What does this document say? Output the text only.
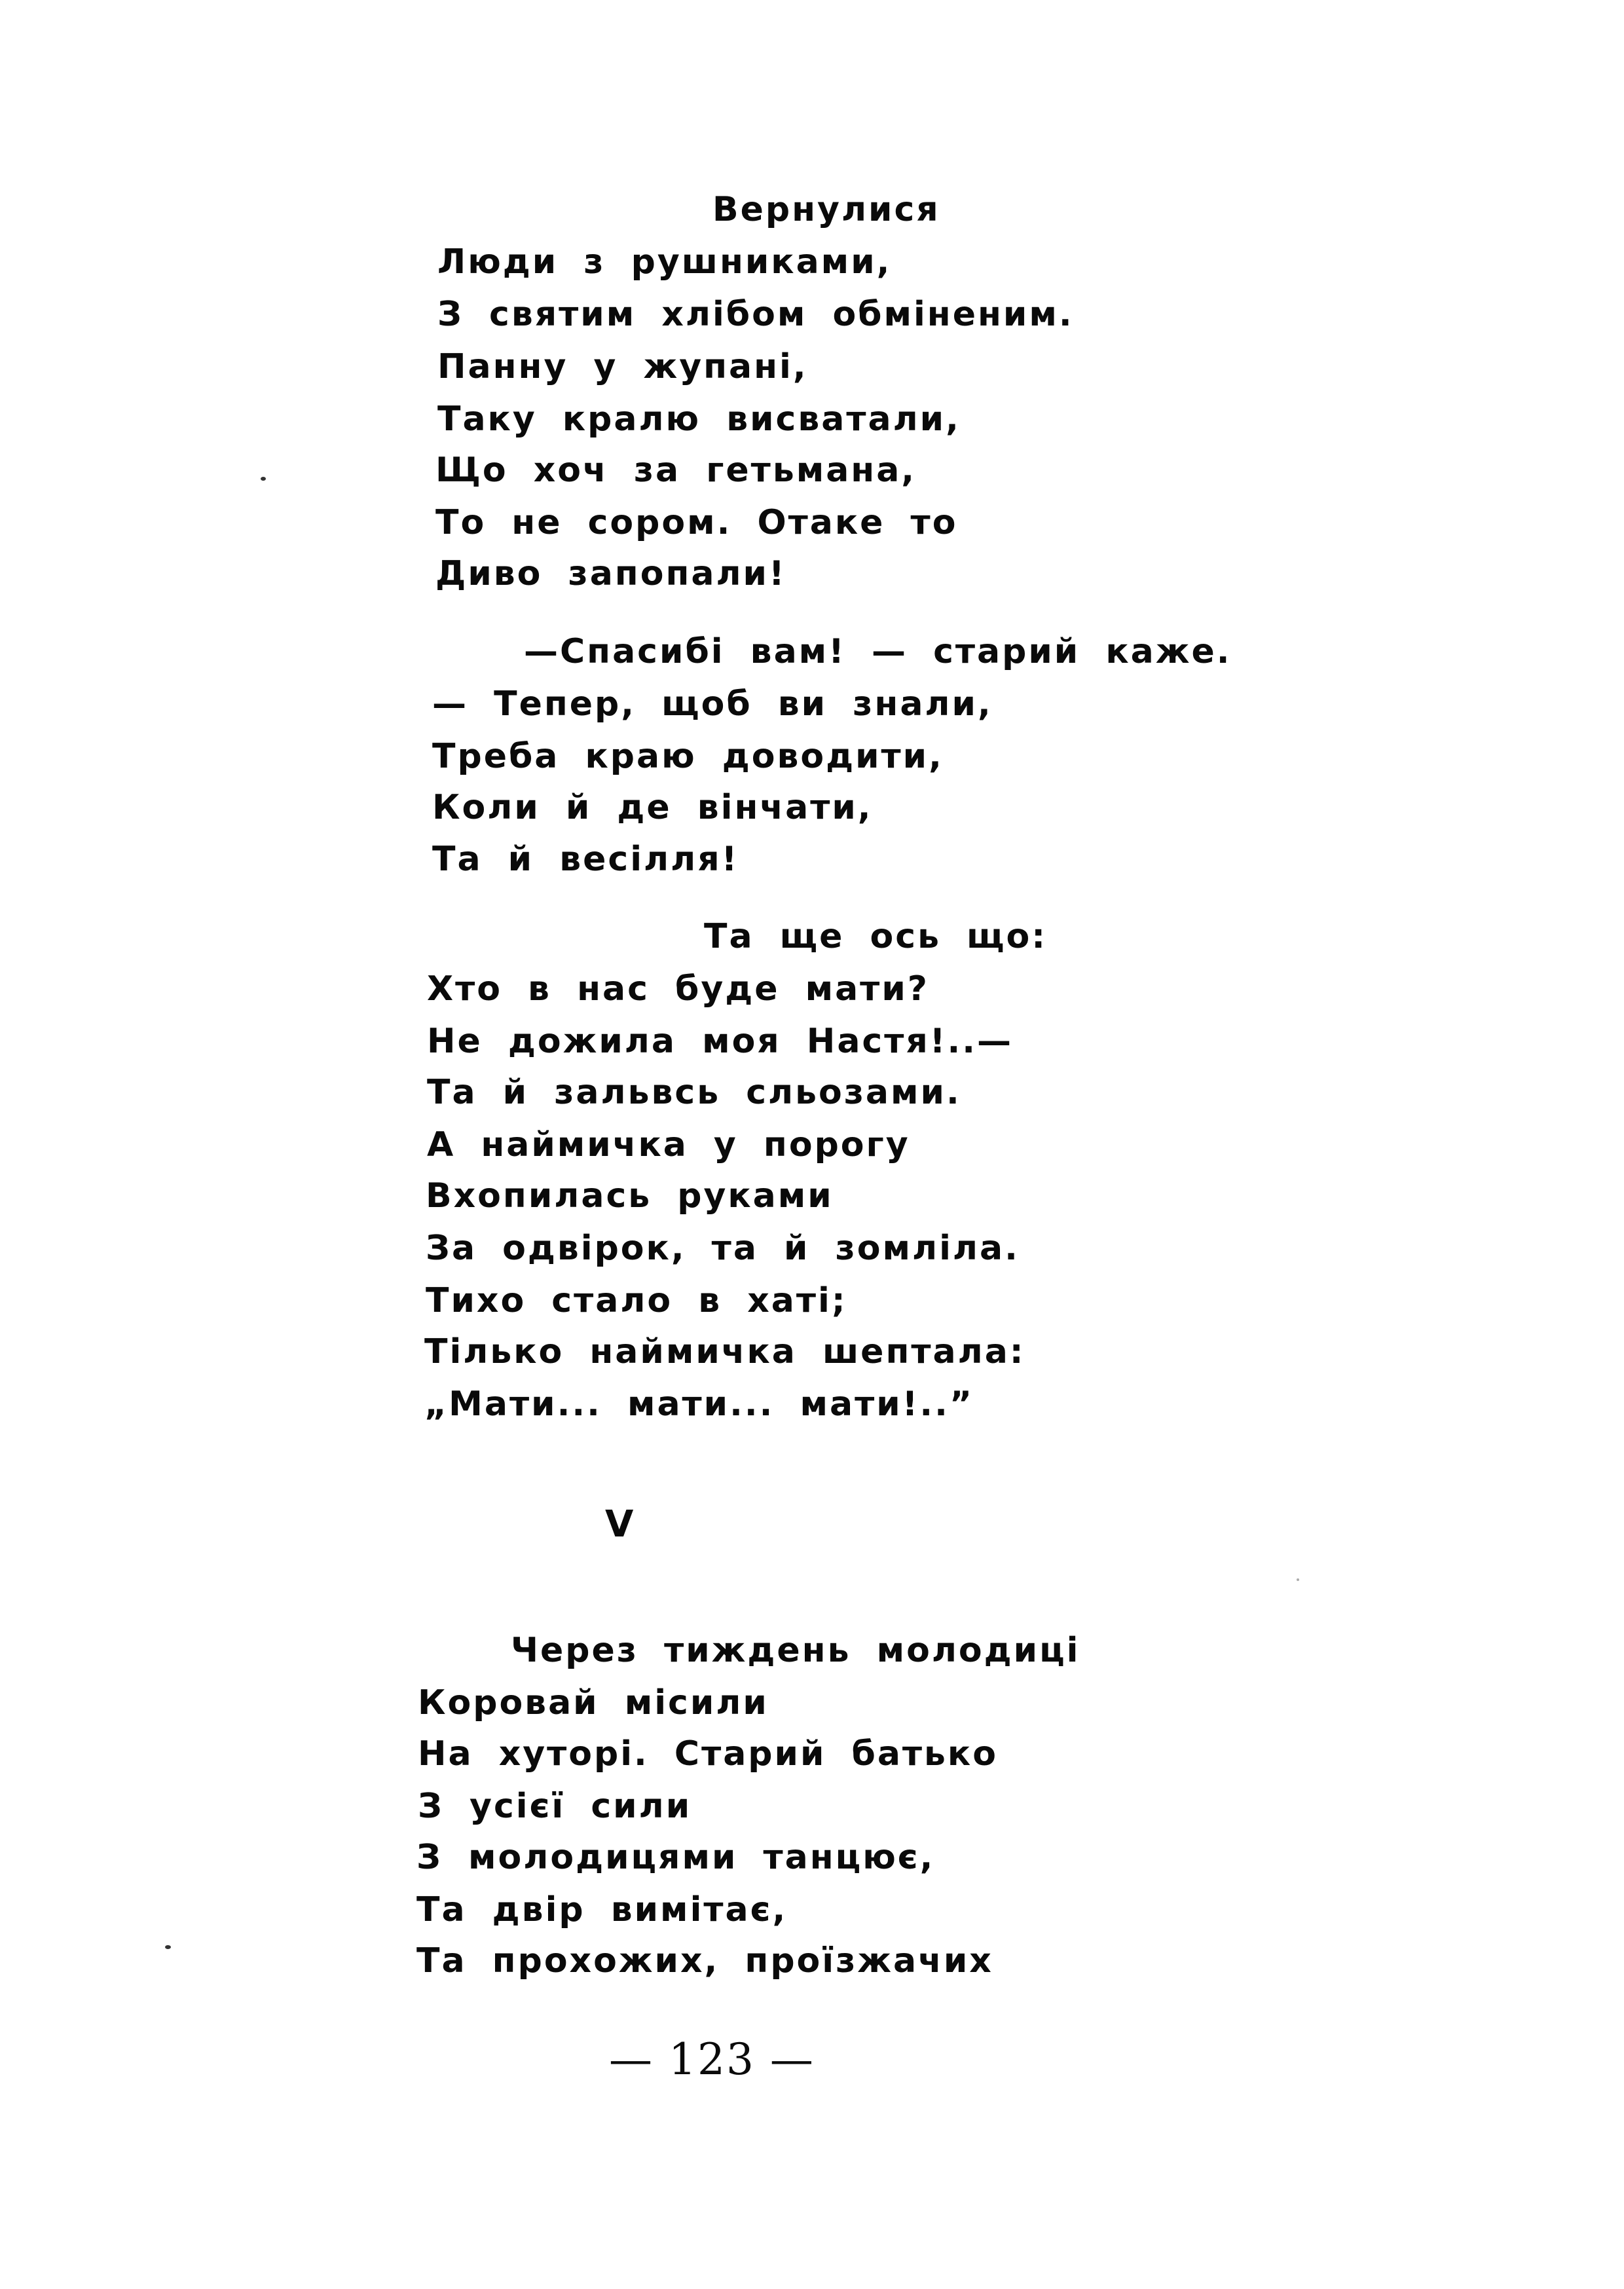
Вернулися
Люди з рушниками,
З святим хлібом обміненим.
Панну у жупані,
Таку кралю висватали,
Що хоч за гетьмана,
То не сором. Отаке то
Диво запопали!
—Спасибі вам! — старий каже.
— Тепер, щоб ви знали,
Треба краю доводити,
Коли й де вінчати,
Та й весілля!
Та ще ось що:
Хто в нас буде мати?
Не дожила моя Настя!..—
Та й зальвсь сльозами.
А наймичка у порогу
Вхопилась руками
За одвірок, та й зомліла.
Тихо стало в хаті;
Тілько наймичка шептала:
„Мати... мати... мати!..”
V
Через тиждень молодиці
Коровай місили
На хуторі. Старий батько
З усієї сили
З молодицями танцює,
Та двір вимітає,
Та прохожих, проїзжачих
— 123 —
